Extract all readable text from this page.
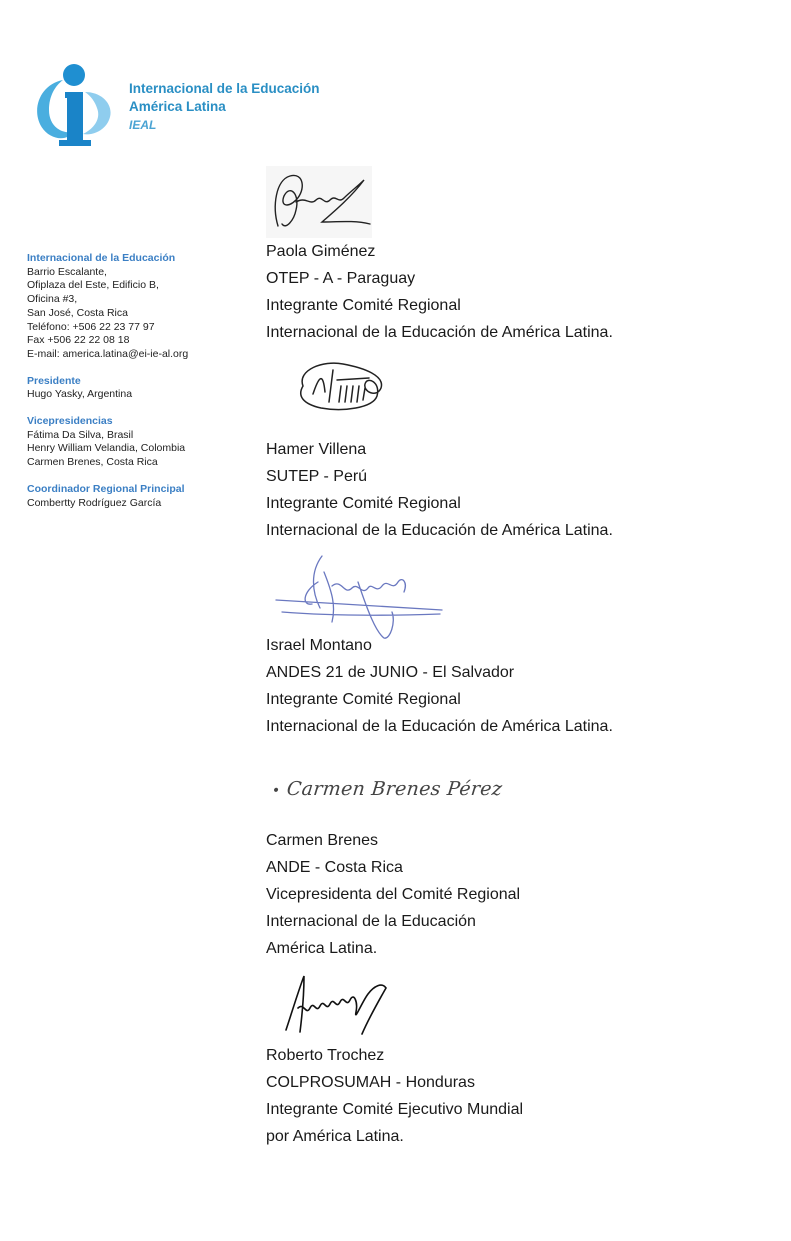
Internacional de la Educación
América Latina
IEAL
Internacional de la Educación
Barrio Escalante,
Ofiplaza del Este, Edificio B,
Oficina #3,
San José, Costa Rica
Teléfono: +506 22 23 77 97
Fax +506 22 22 08 18
E-mail: america.latina@ei-ie-al.org
Presidente
Hugo Yasky, Argentina
Vicepresidencias
Fátima Da Silva, Brasil
Henry William Velandia, Colombia
Carmen Brenes, Costa Rica
Coordinador Regional Principal
Combertty Rodríguez García
Paola Giménez
OTEP - A - Paraguay
Integrante Comité Regional
Internacional de la Educación de América Latina.
Hamer Villena
SUTEP - Perú
Integrante Comité Regional
Internacional de la Educación de América Latina.
Israel Montano
ANDES 21 de JUNIO - El Salvador
Integrante Comité Regional
Internacional de la Educación de América Latina.
• Carmen Brenes Pérez
Carmen Brenes
ANDE - Costa Rica
Vicepresidenta del Comité Regional
Internacional de la Educación
América Latina.
Roberto Trochez
COLPROSUMAH - Honduras
Integrante Comité Ejecutivo Mundial
por América Latina.
